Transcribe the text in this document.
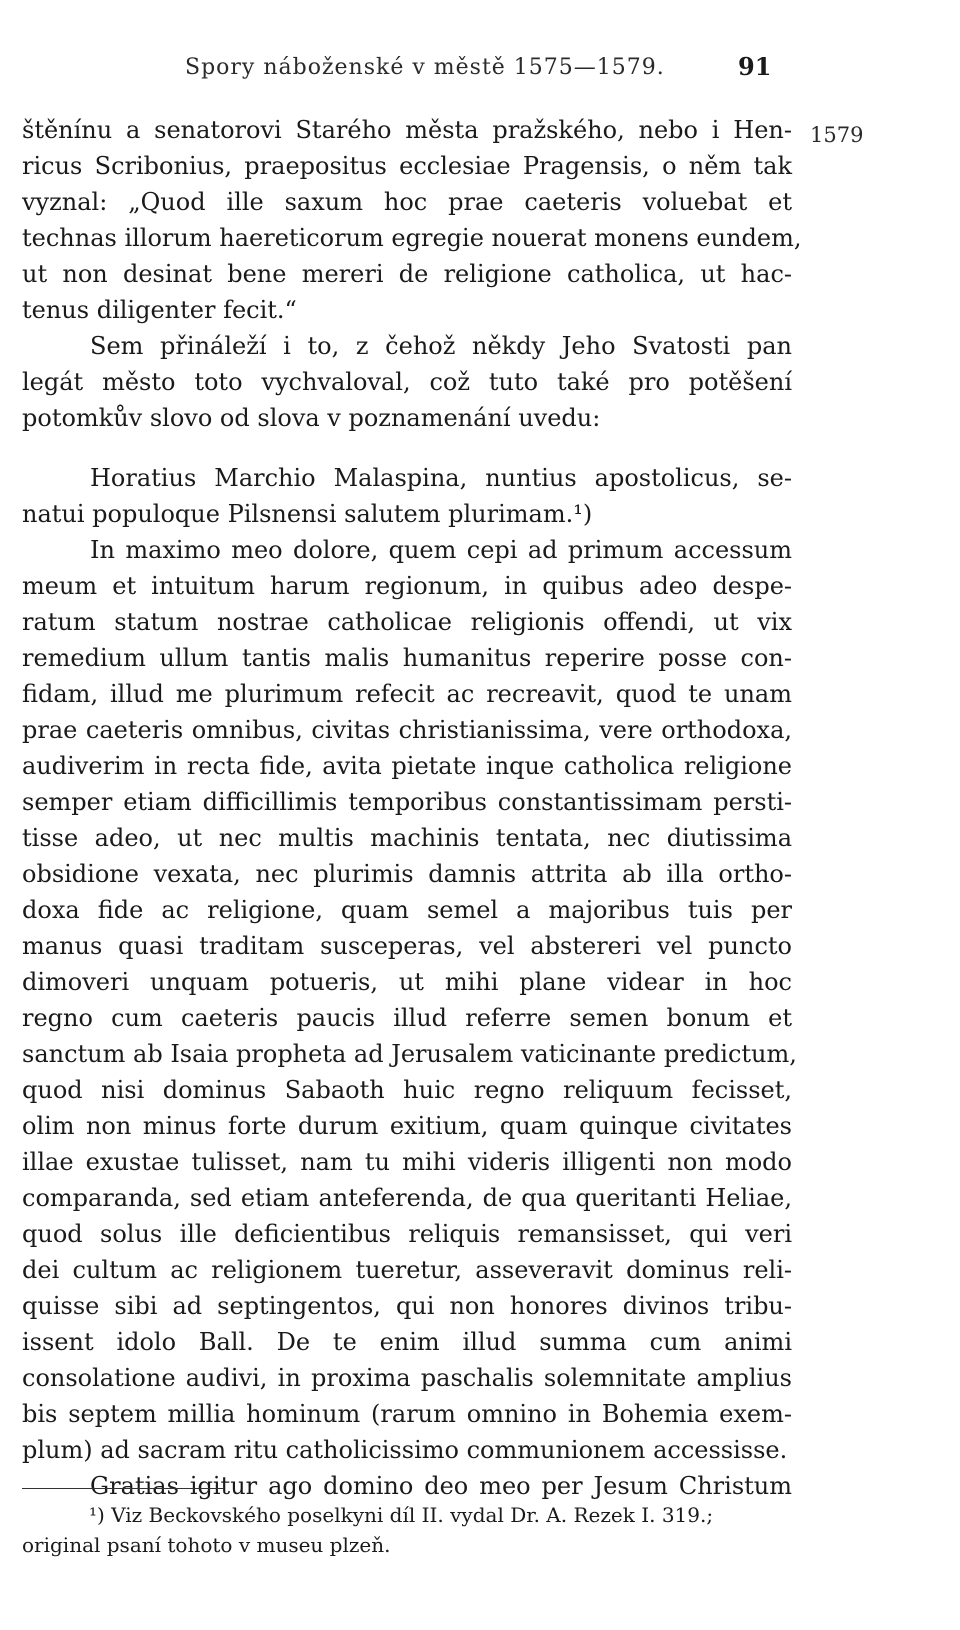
Spory náboženské v městě 1575—1579.	91
1579
štěnínu a senatorovi Starého města pražského, nebo i Hen-
ricus Scribonius, praepositus ecclesiae Pragensis, o něm tak
vyznal: „Quod ille saxum hoc prae caeteris voluebat et
technas illorum haereticorum egregie nouerat monens eundem,
ut non desinat bene mereri de religione catholica, ut hac-
tenus diligenter fecit.“
Sem přináleží i to, z čehož někdy Jeho Svatosti pan
legát město toto vychvaloval, což tuto také pro potěšení
potomkův slovo od slova v poznamenání uvedu:
Horatius Marchio Malaspina, nuntius apostolicus, se-
natui populoque Pilsnensi salutem plurimam.¹)
In maximo meo dolore, quem cepi ad primum accessum
meum et intuitum harum regionum, in quibus adeo despe-
ratum statum nostrae catholicae religionis offendi, ut vix
remedium ullum tantis malis humanitus reperire posse con-
fidam, illud me plurimum refecit ac recreavit, quod te unam
prae caeteris omnibus, civitas christianissima, vere orthodoxa,
audiverim in recta fide, avita pietate inque catholica religione
semper etiam difficillimis temporibus constantissimam persti-
tisse adeo, ut nec multis machinis tentata, nec diutissima
obsidione vexata, nec plurimis damnis attrita ab illa ortho-
doxa fide ac religione, quam semel a majoribus tuis per
manus quasi traditam susceperas, vel abstereri vel puncto
dimoveri unquam potueris, ut mihi plane videar in hoc
regno cum caeteris paucis illud referre semen bonum et
sanctum ab Isaia propheta ad Jerusalem vaticinante predictum,
quod nisi dominus Sabaoth huic regno reliquum fecisset,
olim non minus forte durum exitium, quam quinque civitates
illae exustae tulisset, nam tu mihi videris illigenti non modo
comparanda, sed etiam anteferenda, de qua queritanti Heliae,
quod solus ille deficientibus reliquis remansisset, qui veri
dei cultum ac religionem tueretur, asseveravit dominus reli-
quisse sibi ad septingentos, qui non honores divinos tribu-
issent idolo Ball. De te enim illud summa cum animi
consolatione audivi, in proxima paschalis solemnitate amplius
bis septem millia hominum (rarum omnino in Bohemia exem-
plum) ad sacram ritu catholicissimo communionem accessisse.
Gratias igitur ago domino deo meo per Jesum Christum
¹) Viz Beckovského poselkyni díl II. vydal Dr. A. Rezek I. 319.;
original psaní tohoto v museu plzeň.
